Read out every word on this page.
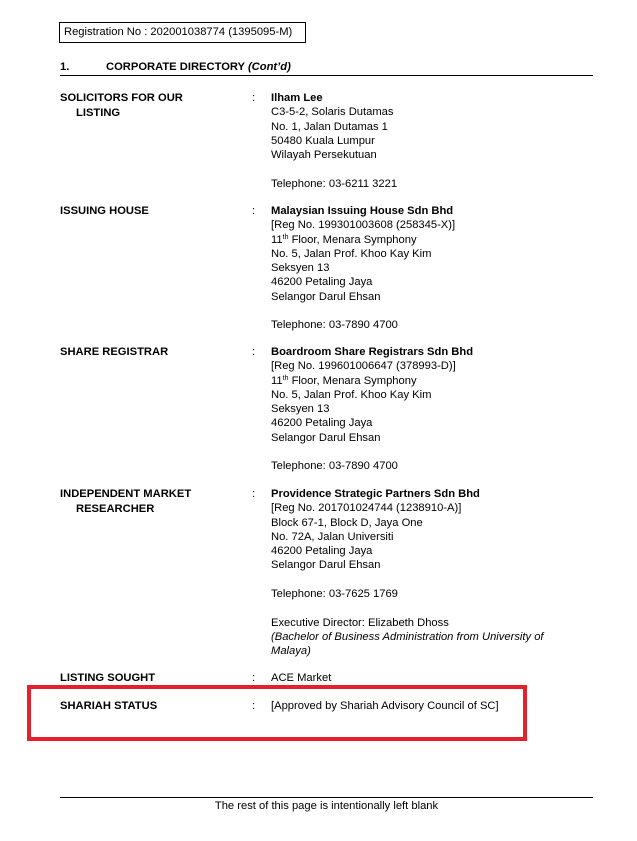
Registration No : 202001038774 (1395095-M)
1.	CORPORATE DIRECTORY (Cont’d)
SOLICITORS FOR OUR
LISTING
: Ilham Lee
C3-5-2, Solaris Dutamas
No. 1, Jalan Dutamas 1
50480 Kuala Lumpur
Wilayah Persekutuan
Telephone: 03-6211 3221
ISSUING HOUSE	: Malaysian Issuing House Sdn Bhd
[Reg No. 199301003608 (258345-X)]
11th Floor, Menara Symphony
No. 5, Jalan Prof. Khoo Kay Kim
Seksyen 13
46200 Petaling Jaya
Selangor Darul Ehsan
Telephone: 03-7890 4700
SHARE REGISTRAR	: Boardroom Share Registrars Sdn Bhd
[Reg No. 199601006647 (378993-D)]
11th Floor, Menara Symphony
No. 5, Jalan Prof. Khoo Kay Kim
Seksyen 13
46200 Petaling Jaya
Selangor Darul Ehsan
Telephone: 03-7890 4700
INDEPENDENT MARKET
RESEARCHER
: Providence Strategic Partners Sdn Bhd
[Reg No. 201701024744 (1238910-A)]
Block 67-1, Block D, Jaya One
No. 72A, Jalan Universiti
46200 Petaling Jaya
Selangor Darul Ehsan
Telephone: 03-7625 1769
Executive Director: Elizabeth Dhoss
(Bachelor of Business Administration from University of Malaya)
LISTING SOUGHT	: ACE Market
SHARIAH STATUS	: [Approved by Shariah Advisory Council of SC]
The rest of this page is intentionally left blank
